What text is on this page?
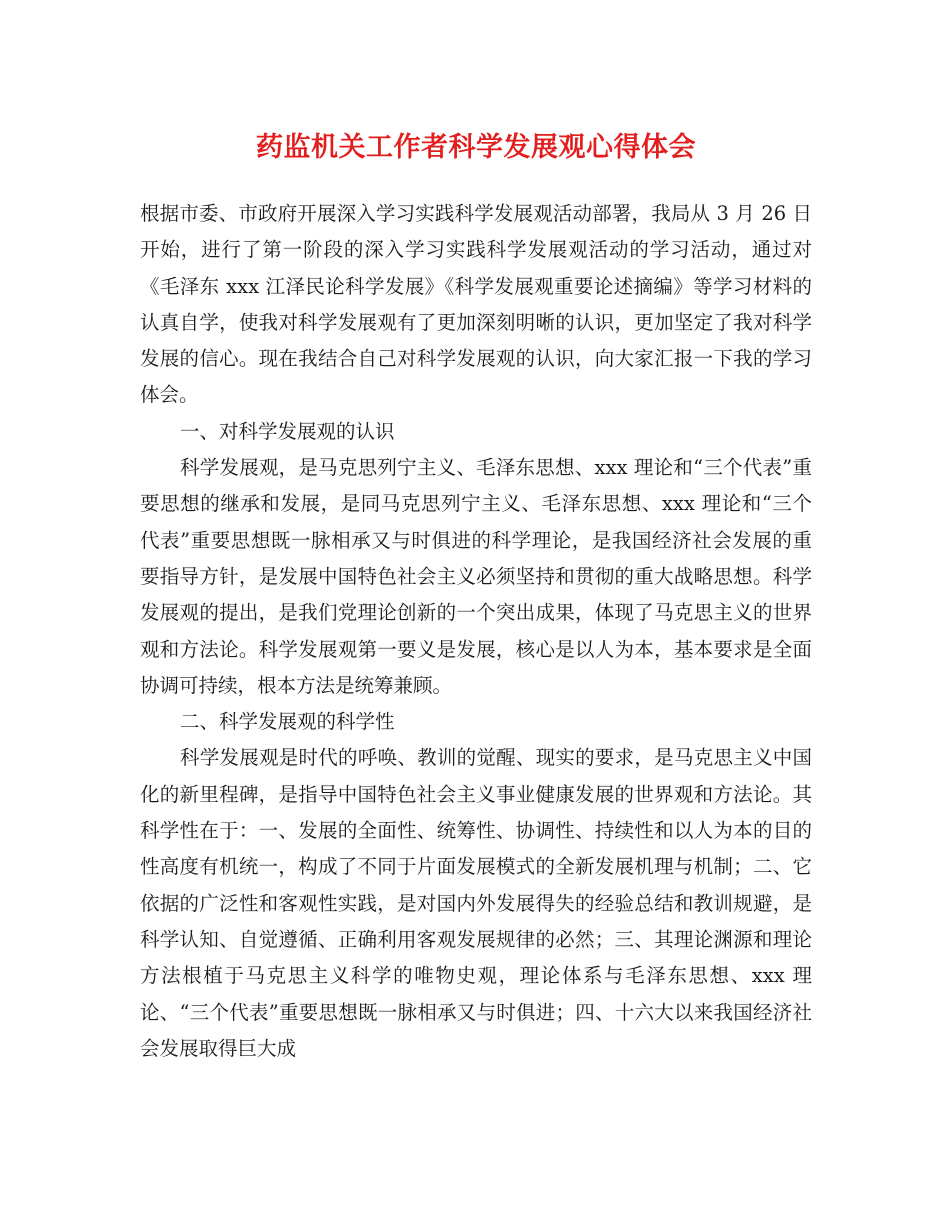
药监机关工作者科学发展观心得体会

根据市委、市政府开展深入学习实践科学发展观活动部署，我局从 3 月 26 日开始，进行了第一阶段的深入学习实践科学发展观活动的学习活动，通过对《毛泽东 xxx 江泽民论科学发展》《科学发展观重要论述摘编》等学习材料的认真自学，使我对科学发展观有了更加深刻明晰的认识，更加坚定了我对科学发展的信心。现在我结合自己对科学发展观的认识，向大家汇报一下我的学习体会。

一、对科学发展观的认识

科学发展观，是马克思列宁主义、毛泽东思想、xxx 理论和“三个代表”重要思想的继承和发展，是同马克思列宁主义、毛泽东思想、xxx 理论和“三个代表”重要思想既一脉相承又与时俱进的科学理论，是我国经济社会发展的重要指导方针，是发展中国特色社会主义必须坚持和贯彻的重大战略思想。科学发展观的提出，是我们党理论创新的一个突出成果，体现了马克思主义的世界观和方法论。科学发展观第一要义是发展，核心是以人为本，基本要求是全面协调可持续，根本方法是统筹兼顾。

二、科学发展观的科学性

科学发展观是时代的呼唤、教训的觉醒、现实的要求，是马克思主义中国化的新里程碑，是指导中国特色社会主义事业健康发展的世界观和方法论。其科学性在于：一、发展的全面性、统筹性、协调性、持续性和以人为本的目的性高度有机统一，构成了不同于片面发展模式的全新发展机理与机制；二、它依据的广泛性和客观性实践，是对国内外发展得失的经验总结和教训规避，是科学认知、自觉遵循、正确利用客观发展规律的必然；三、其理论渊源和理论方法根植于马克思主义科学的唯物史观，理论体系与毛泽东思想、xxx 理论、“三个代表”重要思想既一脉相承又与时俱进；四、十六大以来我国经济社会发展取得巨大成
